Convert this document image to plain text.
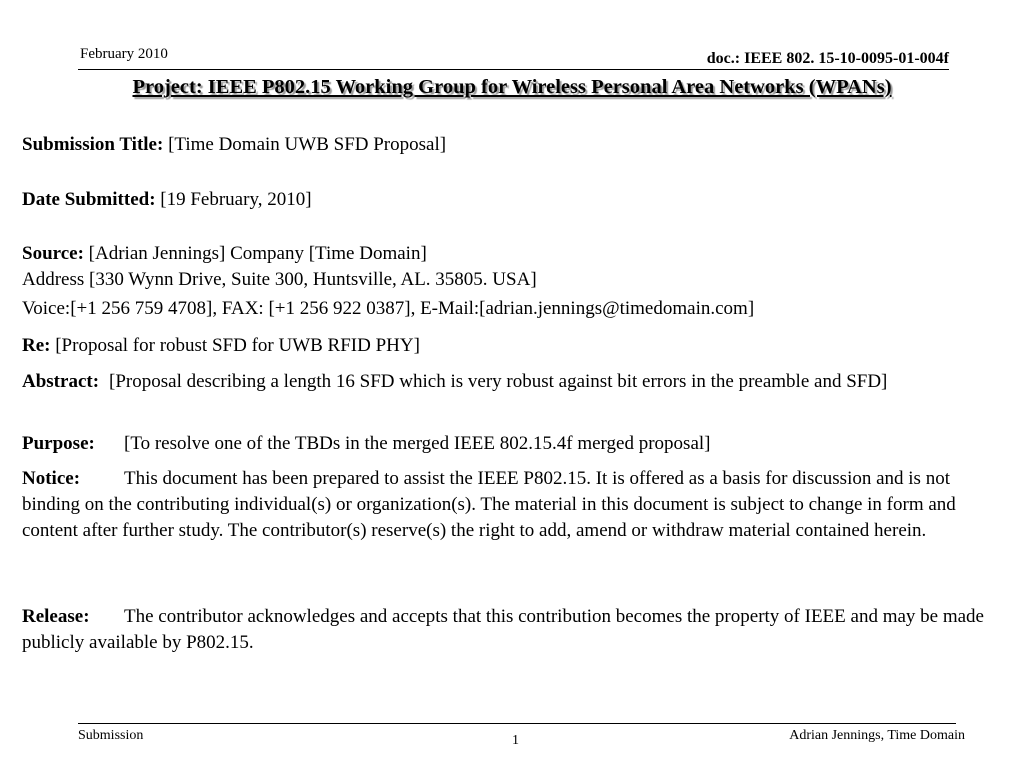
February 2010	doc.: IEEE 802. 15-10-0095-01-004f
Project: IEEE P802.15 Working Group for Wireless Personal Area Networks (WPANs)
Submission Title: [Time Domain UWB SFD Proposal]
Date Submitted: [19 February, 2010]
Source: [Adrian Jennings] Company [Time Domain]
Address [330 Wynn Drive, Suite 300, Huntsville, AL. 35805. USA]
Voice:[+1 256 759 4708], FAX: [+1 256 922 0387], E-Mail:[adrian.jennings@timedomain.com]
Re: [Proposal for robust SFD for UWB RFID PHY]
Abstract: [Proposal describing a length 16 SFD which is very robust against bit errors in the preamble and SFD]
Purpose: [To resolve one of the TBDs in the merged IEEE 802.15.4f merged proposal]
Notice: This document has been prepared to assist the IEEE P802.15. It is offered as a basis for discussion and is not binding on the contributing individual(s) or organization(s). The material in this document is subject to change in form and content after further study. The contributor(s) reserve(s) the right to add, amend or withdraw material contained herein.
Release: The contributor acknowledges and accepts that this contribution becomes the property of IEEE and may be made publicly available by P802.15.
Submission	1	Adrian Jennings, Time Domain
